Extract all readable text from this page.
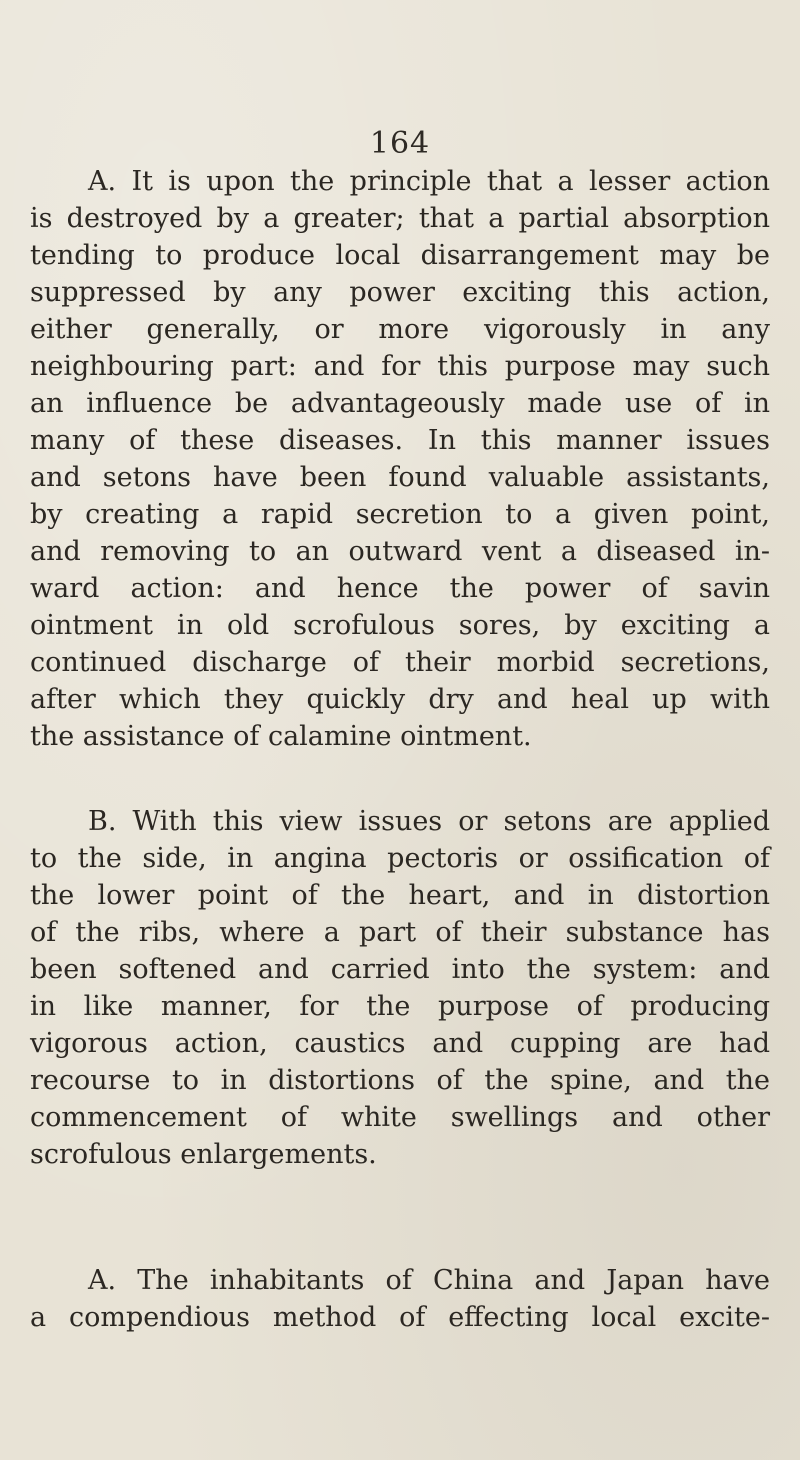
164
A. It is upon the principle that a lesser action
is destroyed by a greater; that a partial absorption
tending to produce local disarrangement may be
suppressed by any power exciting this action,
either generally, or more vigorously in any
neighbouring part: and for this purpose may such
an influence be advantageously made use of in
many of these diseases. In this manner issues
and setons have been found valuable assistants,
by creating a rapid secretion to a given point,
and removing to an outward vent a diseased in-
ward action: and hence the power of savin
ointment in old scrofulous sores, by exciting a
continued discharge of their morbid secretions,
after which they quickly dry and heal up with
the assistance of calamine ointment.
B. With this view issues or setons are applied
to the side, in angina pectoris or ossification of
the lower point of the heart, and in distortion
of the ribs, where a part of their substance has
been softened and carried into the system: and
in like manner, for the purpose of producing
vigorous action, caustics and cupping are had
recourse to in distortions of the spine, and the
commencement of white swellings and other
scrofulous enlargements.
A. The inhabitants of China and Japan have
a compendious method of effecting local excite-
